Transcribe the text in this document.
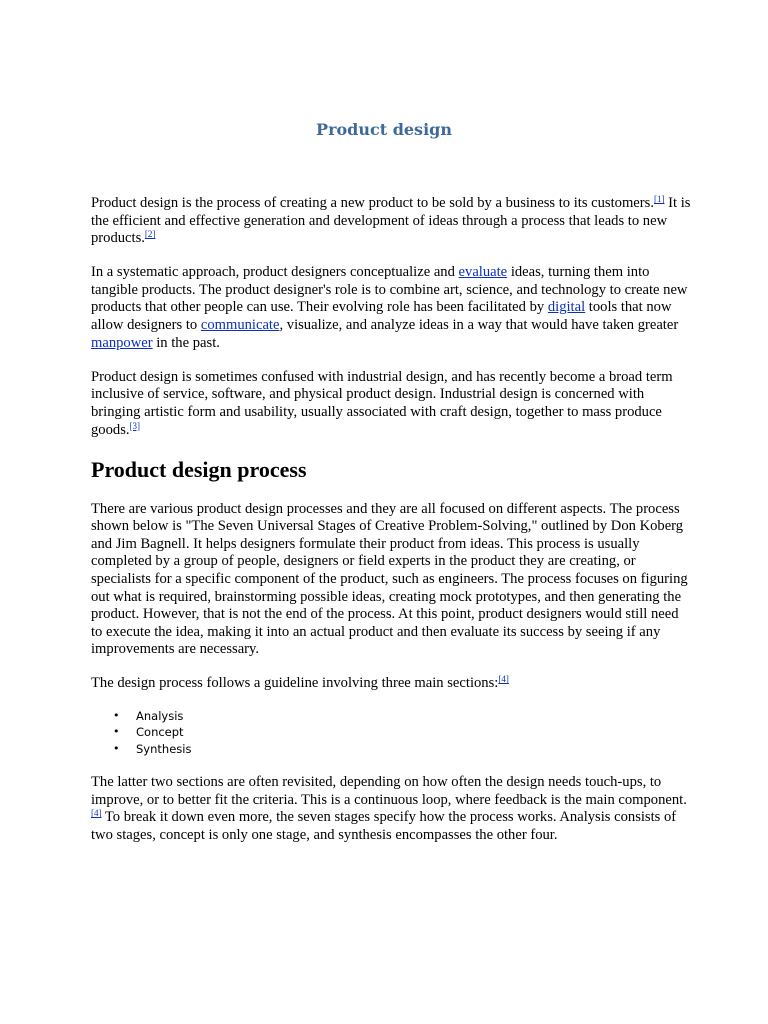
Product design

Product design is the process of creating a new product to be sold by a business to its customers.[1] It is the efficient and effective generation and development of ideas through a process that leads to new products.[2]

In a systematic approach, product designers conceptualize and evaluate ideas, turning them into tangible products. The product designer's role is to combine art, science, and technology to create new products that other people can use. Their evolving role has been facilitated by digital tools that now allow designers to communicate, visualize, and analyze ideas in a way that would have taken greater manpower in the past.

Product design is sometimes confused with industrial design, and has recently become a broad term inclusive of service, software, and physical product design. Industrial design is concerned with bringing artistic form and usability, usually associated with craft design, together to mass produce goods.[3]

Product design process

There are various product design processes and they are all focused on different aspects. The process shown below is "The Seven Universal Stages of Creative Problem-Solving," outlined by Don Koberg and Jim Bagnell. It helps designers formulate their product from ideas. This process is usually completed by a group of people, designers or field experts in the product they are creating, or specialists for a specific component of the product, such as engineers. The process focuses on figuring out what is required, brainstorming possible ideas, creating mock prototypes, and then generating the product. However, that is not the end of the process. At this point, product designers would still need to execute the idea, making it into an actual product and then evaluate its success by seeing if any improvements are necessary.

The design process follows a guideline involving three main sections:[4]

• Analysis
• Concept
• Synthesis

The latter two sections are often revisited, depending on how often the design needs touch-ups, to improve, or to better fit the criteria. This is a continuous loop, where feedback is the main component.[4] To break it down even more, the seven stages specify how the process works. Analysis consists of two stages, concept is only one stage, and synthesis encompasses the other four.
